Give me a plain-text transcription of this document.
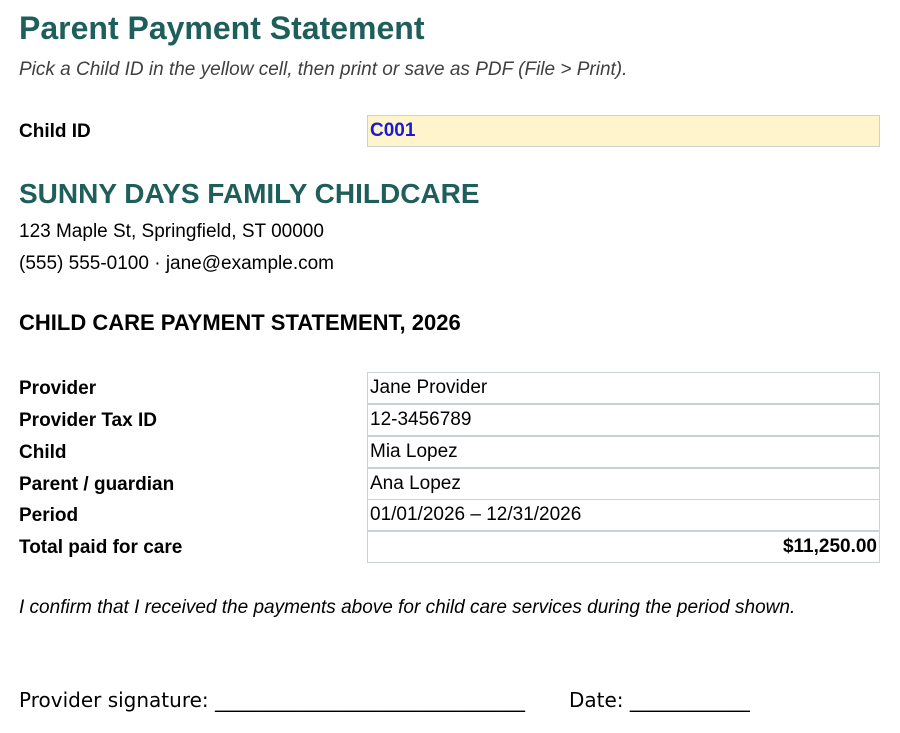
Parent Payment Statement
Pick a Child ID in the yellow cell, then print or save as PDF (File > Print).
Child ID	C001
SUNNY DAYS FAMILY CHILDCARE
123 Maple St, Springfield, ST 00000
(555) 555-0100 · jane@example.com
CHILD CARE PAYMENT STATEMENT, 2026
Provider	Jane Provider
Provider Tax ID	12-3456789
Child	Mia Lopez
Parent / guardian	Ana Lopez
Period	01/01/2026 – 12/31/2026
Total paid for care	$11,250.00
I confirm that I received the payments above for child care services during the period shown.
Provider signature: _______________________________ Date: ____________
